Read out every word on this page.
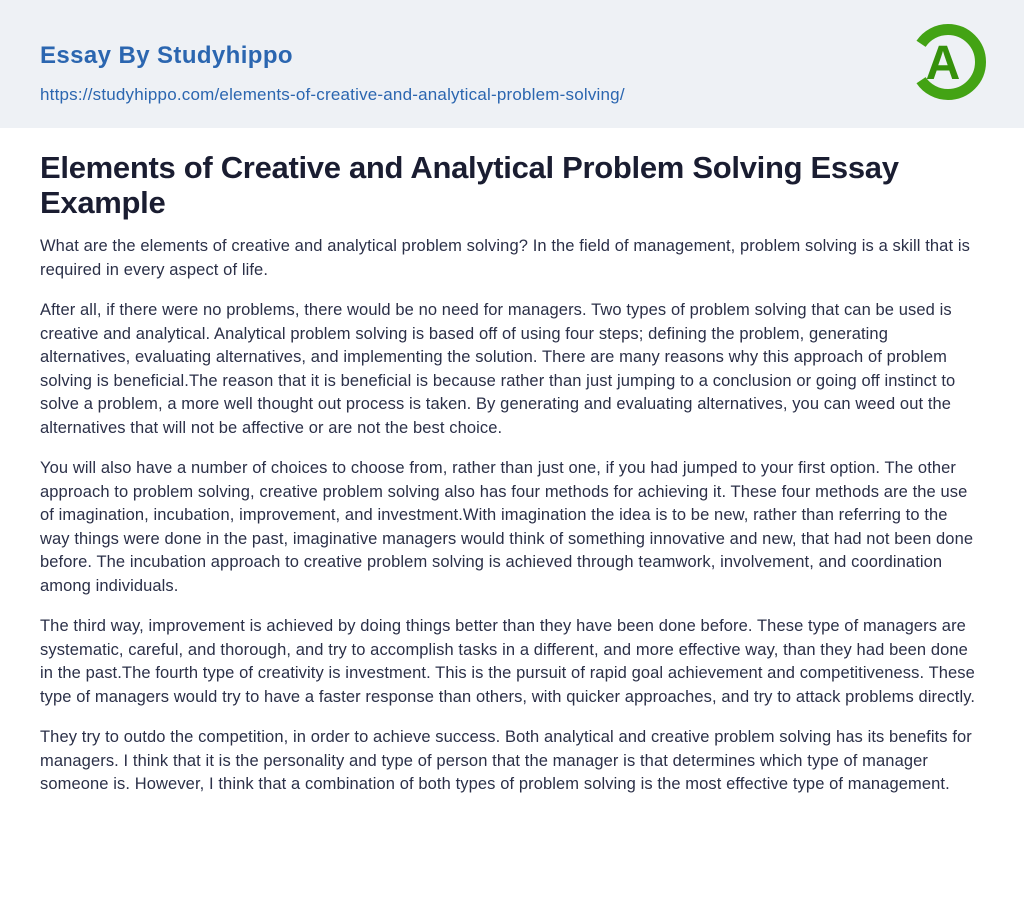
Essay By Studyhippo
https://studyhippo.com/elements-of-creative-and-analytical-problem-solving/
A
Elements of Creative and Analytical Problem Solving Essay Example

What are the elements of creative and analytical problem solving? In the field of management, problem solving is a skill that is required in every aspect of life.

After all, if there were no problems, there would be no need for managers. Two types of problem solving that can be used is creative and analytical. Analytical problem solving is based off of using four steps; defining the problem, generating alternatives, evaluating alternatives, and implementing the solution. There are many reasons why this approach of problem solving is beneficial.The reason that it is beneficial is because rather than just jumping to a conclusion or going off instinct to solve a problem, a more well thought out process is taken. By generating and evaluating alternatives, you can weed out the alternatives that will not be affective or are not the best choice.

You will also have a number of choices to choose from, rather than just one, if you had jumped to your first option. The other approach to problem solving, creative problem solving also has four methods for achieving it. These four methods are the use of imagination, incubation, improvement, and investment.With imagination the idea is to be new, rather than referring to the way things were done in the past, imaginative managers would think of something innovative and new, that had not been done before. The incubation approach to creative problem solving is achieved through teamwork, involvement, and coordination among individuals.

The third way, improvement is achieved by doing things better than they have been done before. These type of managers are systematic, careful, and thorough, and try to accomplish tasks in a different, and more effective way, than they had been done in the past.The fourth type of creativity is investment. This is the pursuit of rapid goal achievement and competitiveness. These type of managers would try to have a faster response than others, with quicker approaches, and try to attack problems directly.

They try to outdo the competition, in order to achieve success. Both analytical and creative problem solving has its benefits for managers. I think that it is the personality and type of person that the manager is that determines which type of manager someone is. However, I think that a combination of both types of problem solving is the most effective type of management.
